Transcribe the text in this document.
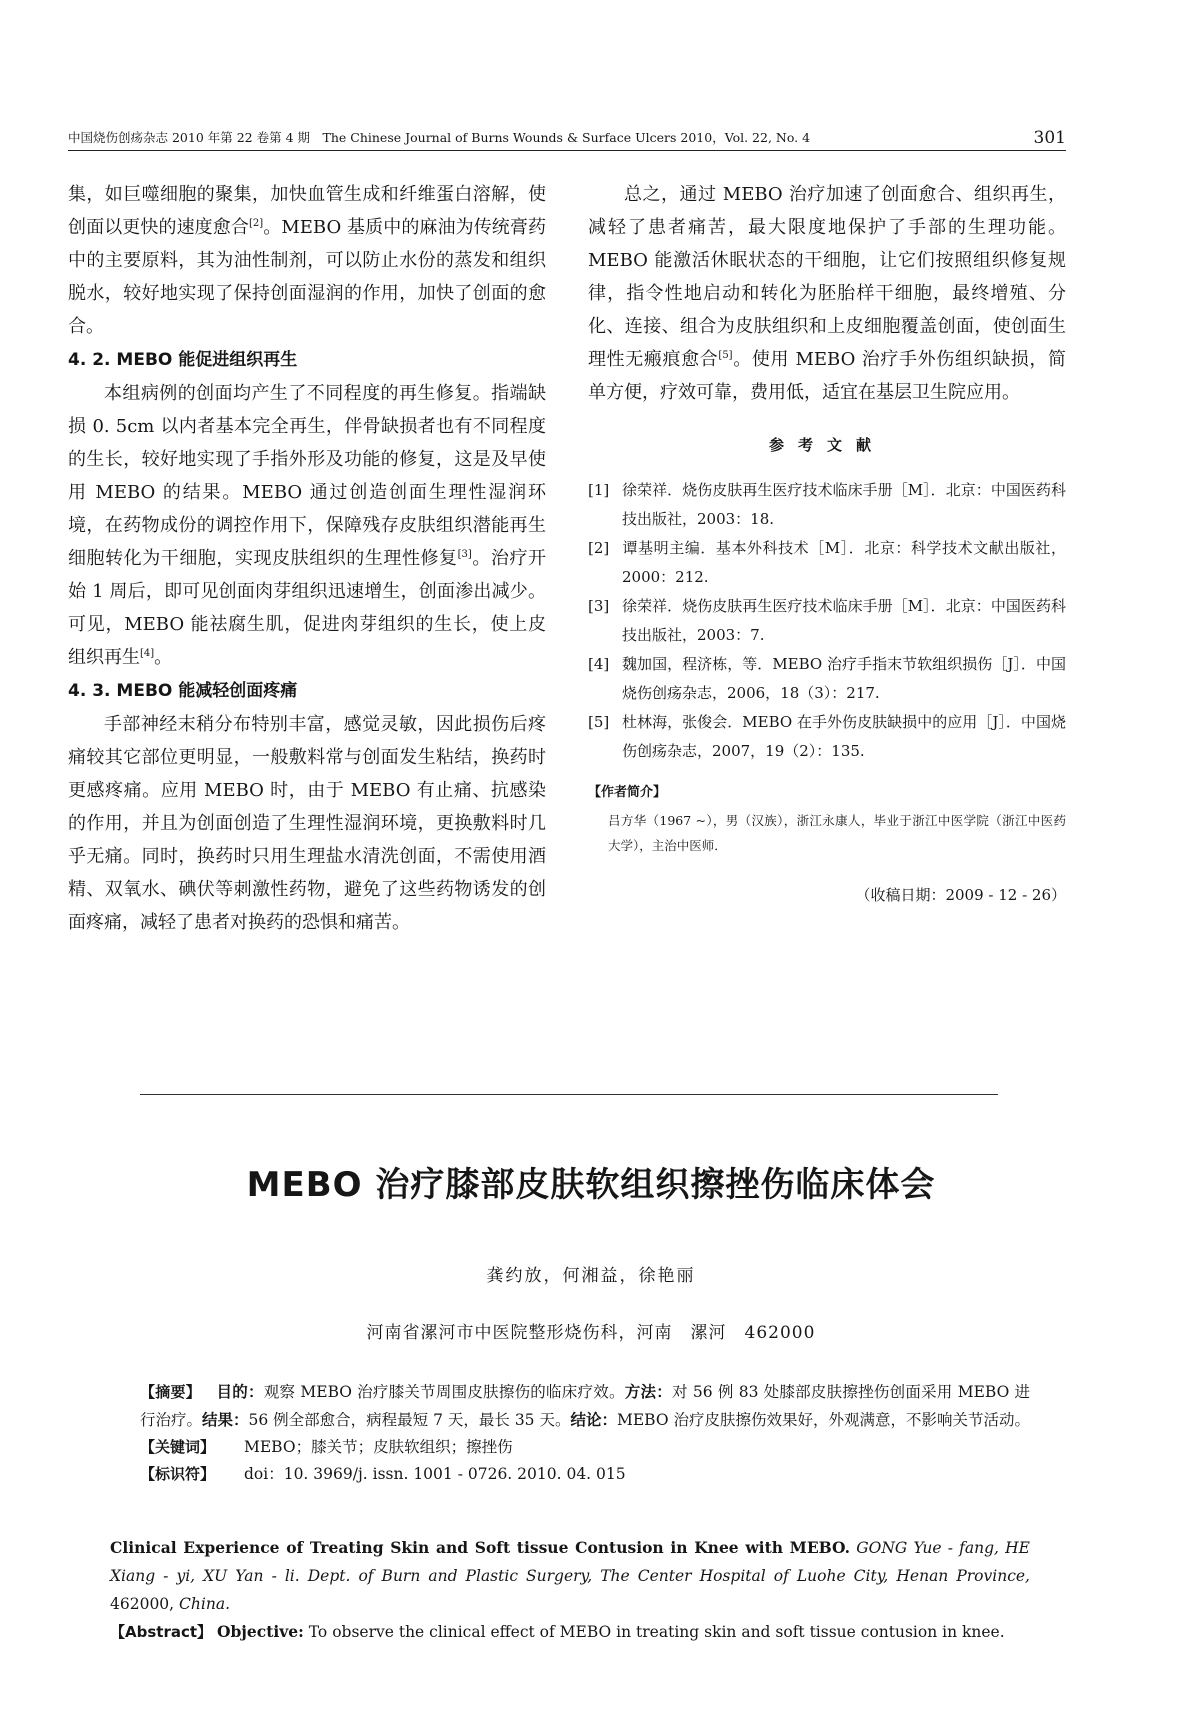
中国烧伤创疡杂志 2010 年第 22 卷第 4 期　The Chinese Journal of Burns Wounds & Surface Ulcers 2010，Vol. 22, No. 4	301

集，如巨噬细胞的聚集，加快血管生成和纤维蛋白溶解，使创面以更快的速度愈合[2]。MEBO 基质中的麻油为传统膏药中的主要原料，其为油性制剂，可以防止水份的蒸发和组织脱水，较好地实现了保持创面湿润的作用，加快了创面的愈合。

4. 2. MEBO 能促进组织再生

本组病例的创面均产生了不同程度的再生修复。指端缺损 0. 5cm 以内者基本完全再生，伴骨缺损者也有不同程度的生长，较好地实现了手指外形及功能的修复，这是及早使用 MEBO 的结果。MEBO 通过创造创面生理性湿润环境，在药物成份的调控作用下，保障残存皮肤组织潜能再生细胞转化为干细胞，实现皮肤组织的生理性修复[3]。治疗开始 1 周后，即可见创面肉芽组织迅速增生，创面渗出减少。可见，MEBO 能祛腐生肌，促进肉芽组织的生长，使上皮组织再生[4]。

4. 3. MEBO 能减轻创面疼痛

手部神经末稍分布特别丰富，感觉灵敏，因此损伤后疼痛较其它部位更明显，一般敷料常与创面发生粘结，换药时更感疼痛。应用 MEBO 时，由于 MEBO 有止痛、抗感染的作用，并且为创面创造了生理性湿润环境，更换敷料时几乎无痛。同时，换药时只用生理盐水清洗创面，不需使用酒精、双氧水、碘伏等刺激性药物，避免了这些药物诱发的创面疼痛，减轻了患者对换药的恐惧和痛苦。

总之，通过 MEBO 治疗加速了创面愈合、组织再生，减轻了患者痛苦，最大限度地保护了手部的生理功能。MEBO 能激活休眠状态的干细胞，让它们按照组织修复规律，指令性地启动和转化为胚胎样干细胞，最终增殖、分化、连接、组合为皮肤组织和上皮细胞覆盖创面，使创面生理性无瘢痕愈合[5]。使用 MEBO 治疗手外伤组织缺损，简单方便，疗效可靠，费用低，适宜在基层卫生院应用。

参考文献

[1] 徐荣祥．烧伤皮肤再生医疗技术临床手册［M］．北京：中国医药科技出版社，2003：18.

[2] 谭基明主编．基本外科技术［M］．北京：科学技术文献出版社，2000：212.

[3] 徐荣祥．烧伤皮肤再生医疗技术临床手册［M］．北京：中国医药科技出版社，2003：7.

[4] 魏加国，程济栋，等．MEBO 治疗手指末节软组织损伤［J］．中国烧伤创疡杂志，2006，18（3）：217.

[5] 杜林海，张俊会．MEBO 在手外伤皮肤缺损中的应用［J］．中国烧伤创疡杂志，2007，19（2）：135.

【作者简介】

吕方华（1967 ~），男（汉族），浙江永康人，毕业于浙江中医学院（浙江中医药大学），主治中医师．

（收稿日期：2009 - 12 - 26）
MEBO 治疗膝部皮肤软组织擦挫伤临床体会
龚约放，何湘益，徐艳丽
河南省漯河市中医院整形烧伤科，河南　漯河　462000

【摘要】 目的：观察 MEBO 治疗膝关节周围皮肤擦伤的临床疗效。方法：对 56 例 83 处膝部皮肤擦挫伤创面采用 MEBO 进行治疗。结果：56 例全部愈合，病程最短 7 天，最长 35 天。结论：MEBO 治疗皮肤擦伤效果好，外观满意，不影响关节活动。

【关键词】 MEBO；膝关节；皮肤软组织；擦挫伤

【标识符】 doi：10. 3969/j. issn. 1001 - 0726. 2010. 04. 015

Clinical Experience of Treating Skin and Soft tissue Contusion in Knee with MEBO. GONG Yue - fang, HE Xiang - yi, XU Yan - li. Dept. of Burn and Plastic Surgery, The Center Hospital of Luohe City, Henan Province, 462000, China.

【Abstract】 Objective: To observe the clinical effect of MEBO in treating skin and soft tissue contusion in knee.
